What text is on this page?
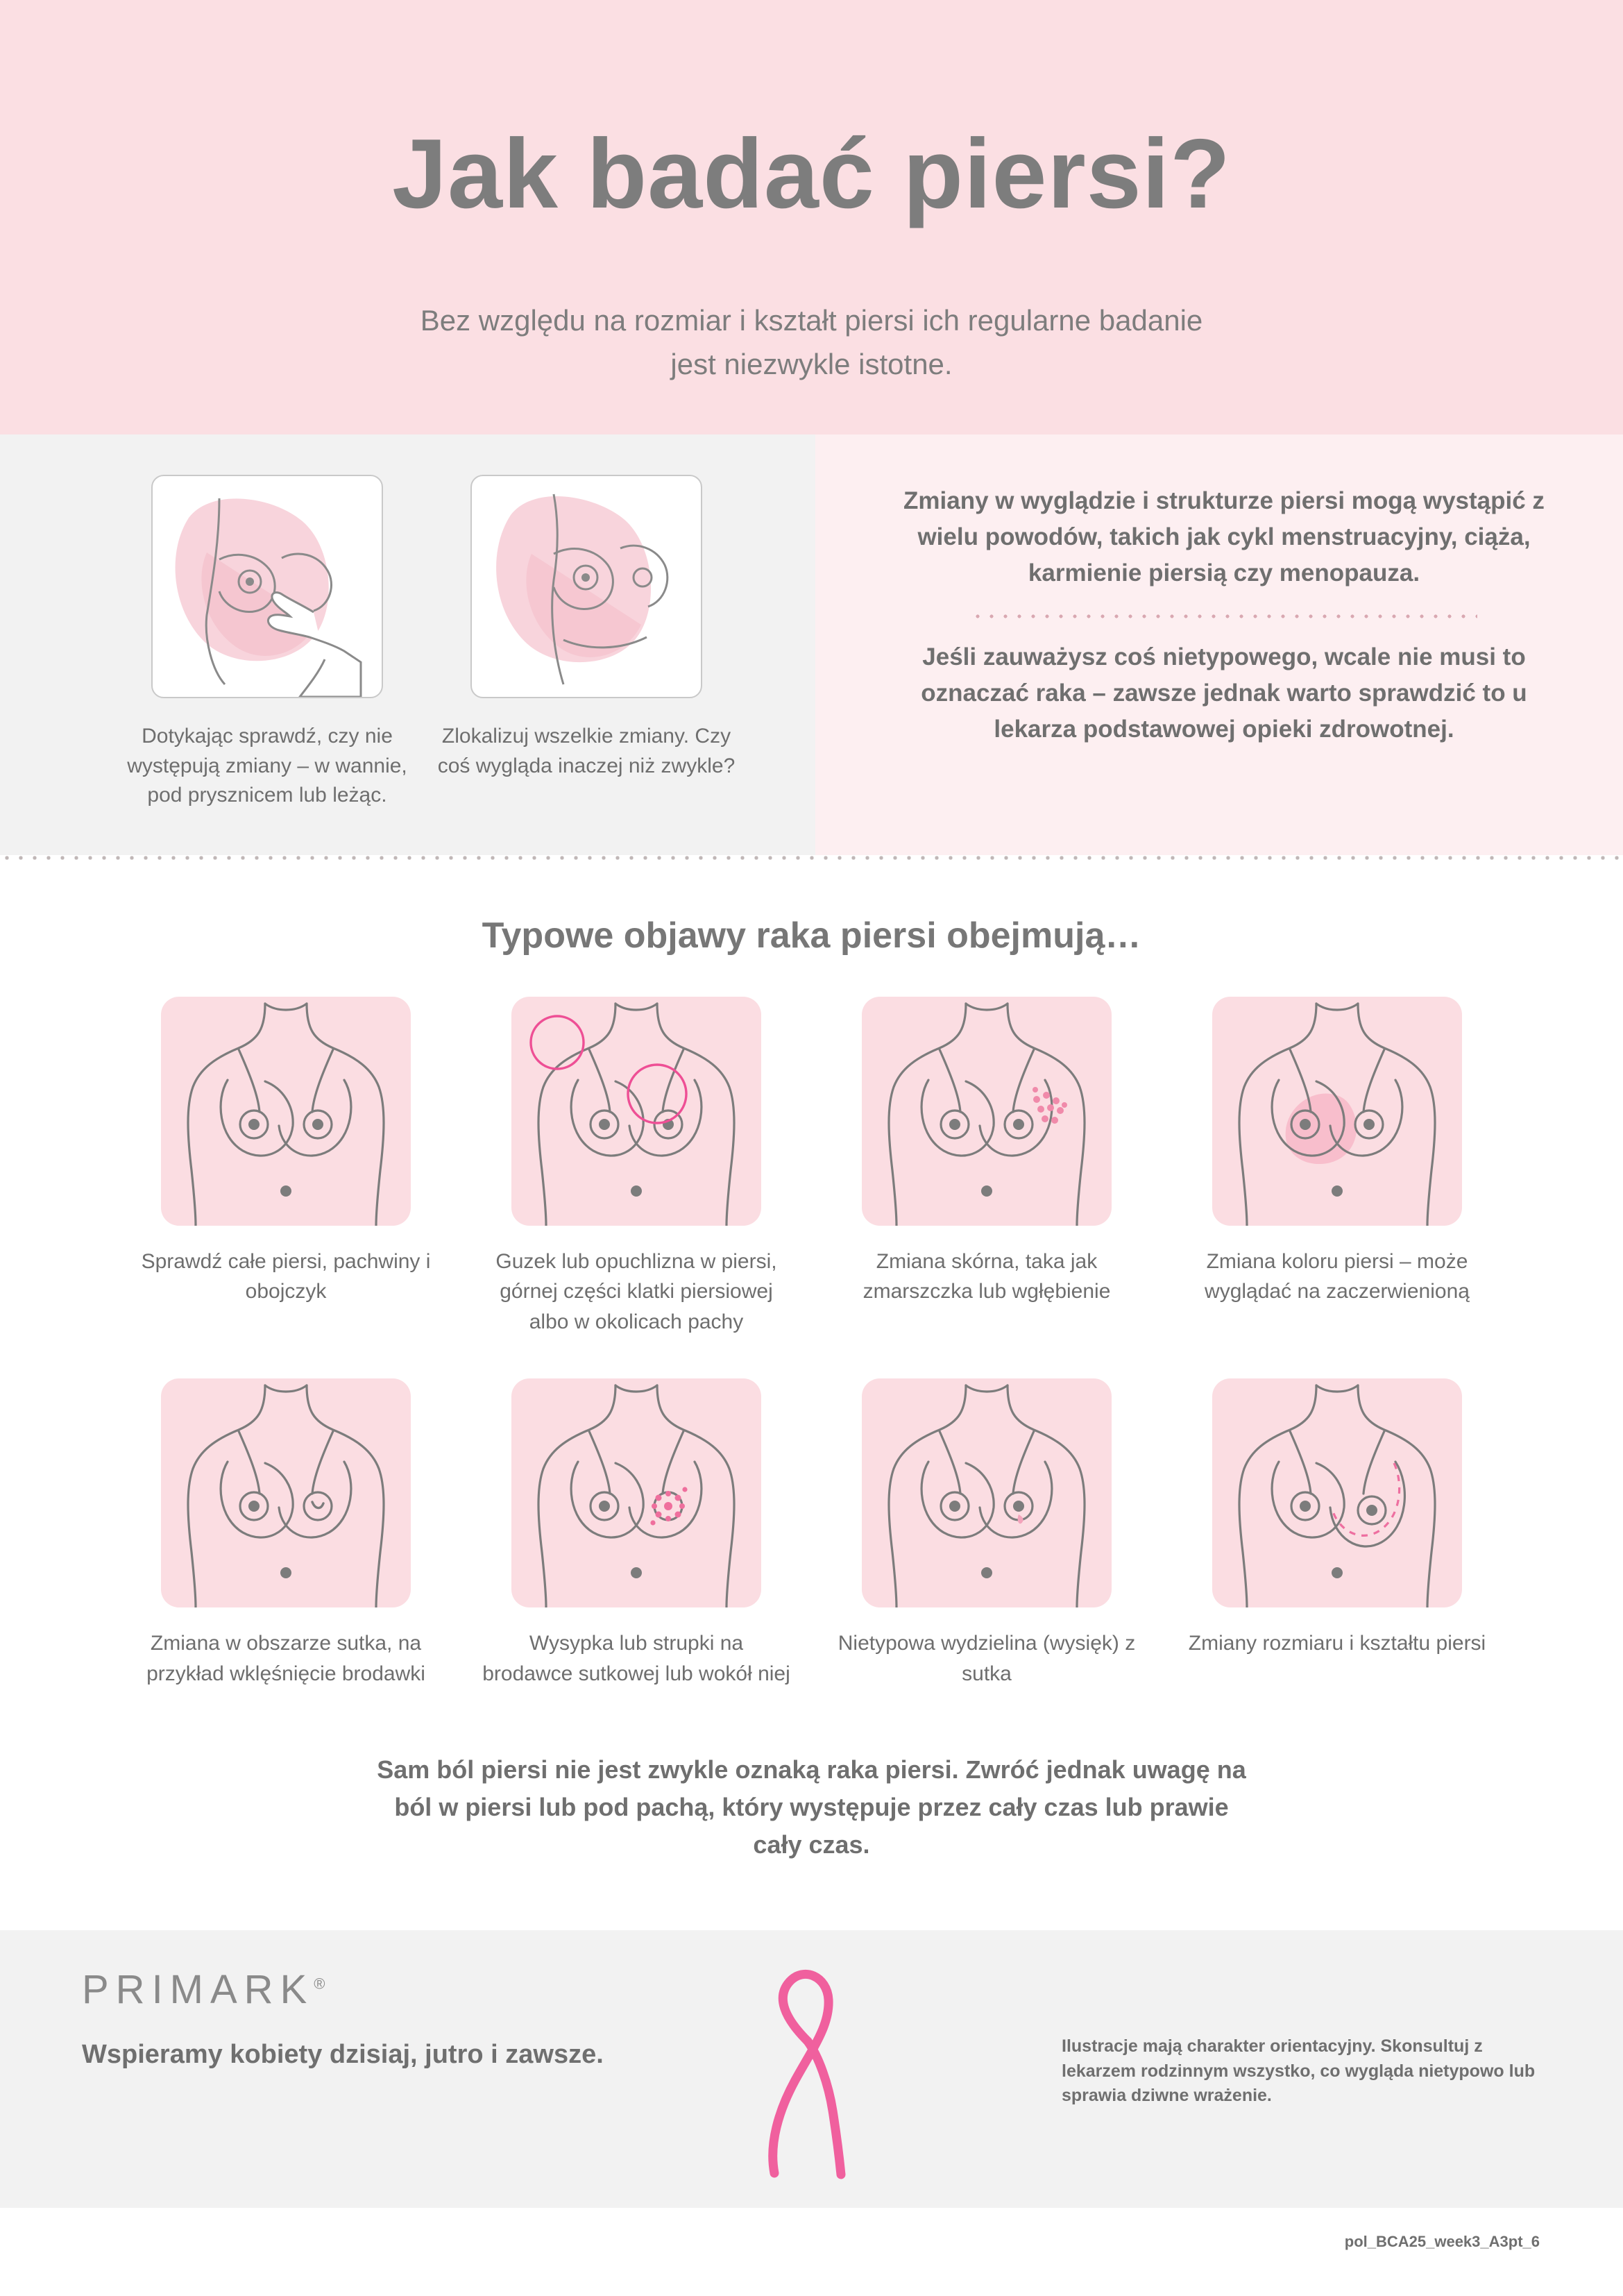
Jak badać piersi?
Bez względu na rozmiar i kształt piersi ich regularne badanie jest niezwykle istotne.
Dotykając sprawdź, czy nie występują zmiany – w wannie, pod prysznicem lub leżąc.
Zlokalizuj wszelkie zmiany. Czy coś wygląda inaczej niż zwykle?

Zmiany w wyglądzie i strukturze piersi mogą wystąpić z wielu powodów, takich jak cykl menstruacyjny, ciąża, karmienie piersią czy menopauza.

Jeśli zauważysz coś nietypowego, wcale nie musi to oznaczać raka – zawsze jednak warto sprawdzić to u lekarza podstawowej opieki zdrowotnej.

Typowe objawy raka piersi obejmują…
Sprawdź całe piersi, pachwiny i obojczyk
Guzek lub opuchlizna w piersi, górnej części klatki piersiowej albo w okolicach pachy
Zmiana skórna, taka jak zmarszczka lub wgłębienie
Zmiana koloru piersi – może wyglądać na zaczerwienioną
Zmiana w obszarze sutka, na przykład wklęśnięcie brodawki
Wysypka lub strupki na brodawce sutkowej lub wokół niej
Nietypowa wydzielina (wysięk) z sutka
Zmiany rozmiaru i kształtu piersi
Sam ból piersi nie jest zwykle oznaką raka piersi. Zwróć jednak uwagę na ból w piersi lub pod pachą, który występuje przez cały czas lub prawie cały czas.
PRIMARK®
Wspieramy kobiety dzisiaj, jutro i zawsze.	Ilustracje mają charakter orientacyjny. Skonsultuj z lekarzem rodzinnym wszystko, co wygląda nietypowo lub sprawia dziwne wrażenie.
pol_BCA25_week3_A3pt_6
